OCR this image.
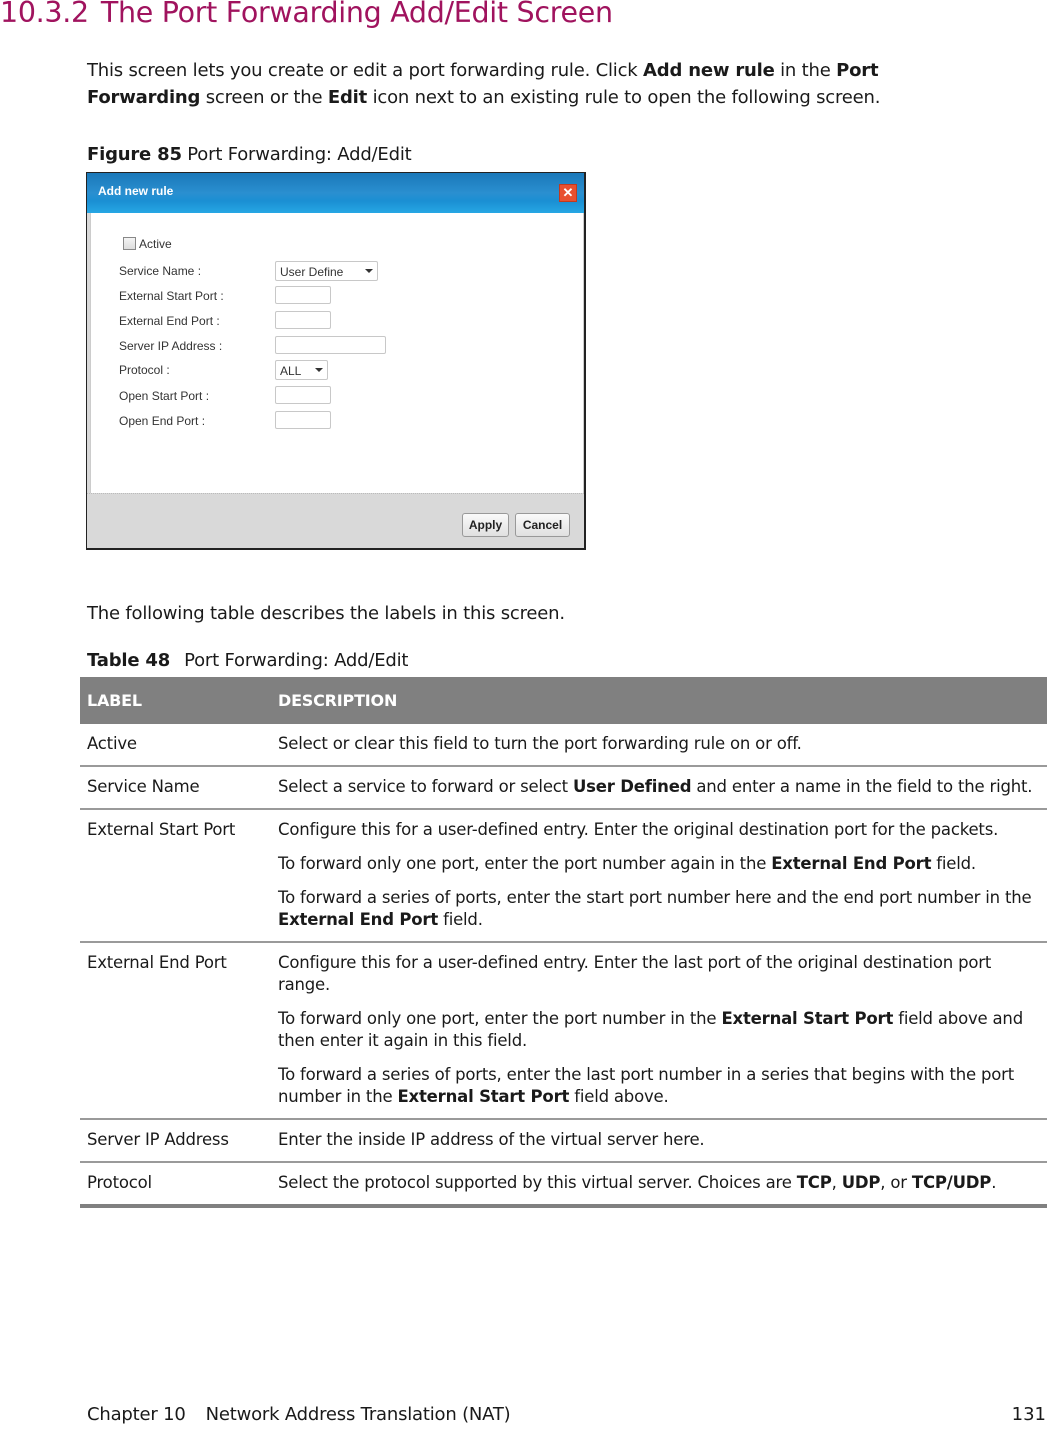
10.3.2 The Port Forwarding Add/Edit Screen

This screen lets you create or edit a port forwarding rule. Click Add new rule in the Port Forwarding screen or the Edit icon next to an existing rule to open the following screen.

Figure 85 Port Forwarding: Add/Edit

Add new rule	✕
Active
Service Name :	User Define
External Start Port :
External End Port :
Server IP Address :
Protocol :	ALL
Open Start Port :
Open End Port :
Apply	Cancel

The following table describes the labels in this screen.

Table 48 Port Forwarding: Add/Edit

LABEL	DESCRIPTION
Active	Select or clear this field to turn the port forwarding rule on or off.

Service Name	Select a service to forward or select User Defined and enter a name in the field to the right.

External Start Port	Configure this for a user-defined entry. Enter the original destination port for the packets.

To forward only one port, enter the port number again in the External End Port field.

To forward a series of ports, enter the start port number here and the end port number in the External End Port field.

External End Port	Configure this for a user-defined entry. Enter the last port of the original destination port range.

To forward only one port, enter the port number in the External Start Port field above and then enter it again in this field.

To forward a series of ports, enter the last port number in a series that begins with the port number in the External Start Port field above.

Server IP Address	Enter the inside IP address of the virtual server here.

Protocol	Select the protocol supported by this virtual server. Choices are TCP, UDP, or TCP/UDP.

Chapter 10 Network Address Translation (NAT)	131
